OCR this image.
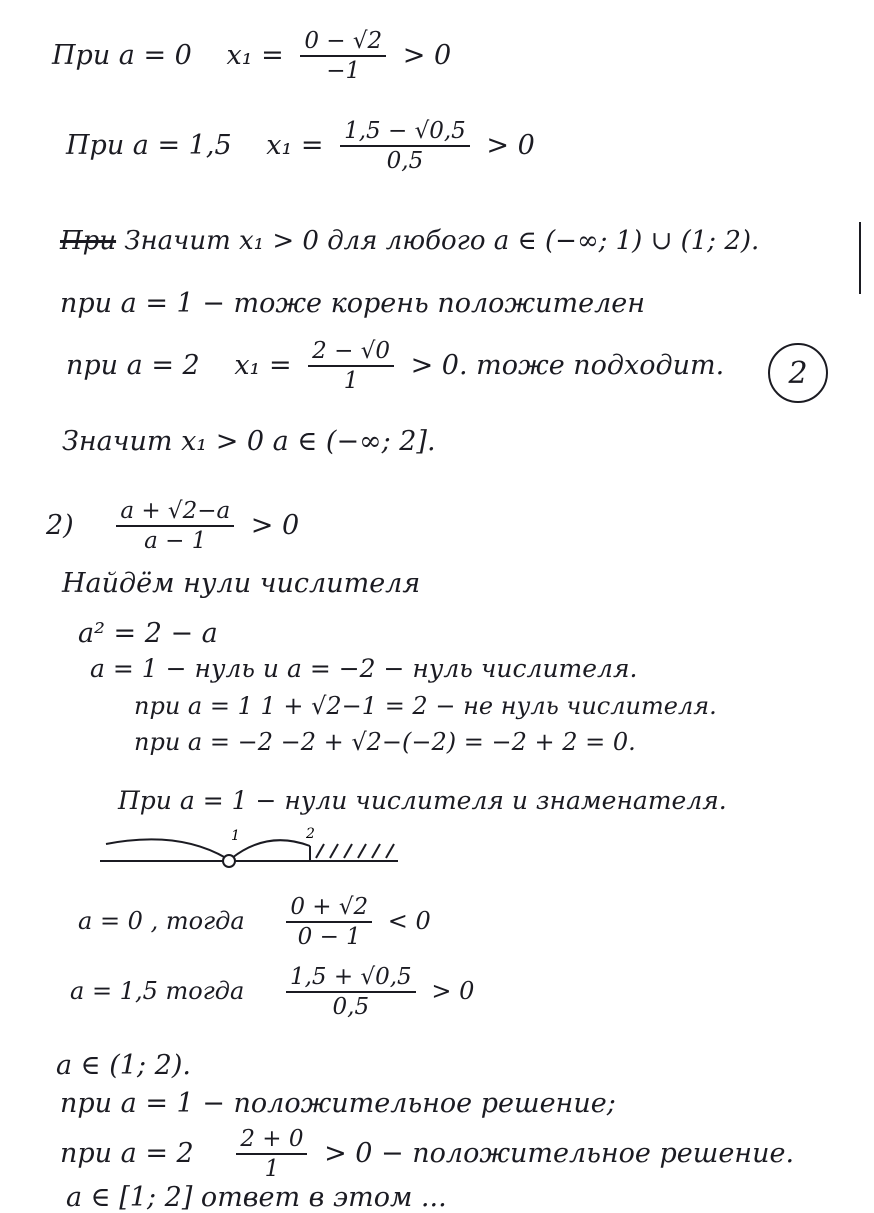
При a = 0 $x_1 = \frac{0 - √2}{-1} > 0$
При a = 1,5 $x_1 = \frac{1,5 - √0,5}{0,5} > 0$
При Значит x₁ > 0 для любого a ∈ (−∞; 1) ∪ (1; 2).
при a = 1 − тоже корень положителен
при a = 2 $x_1 = \frac{2 - √0}{1} > 0$. тоже подходит.	2
Значит x₁ > 0 a ∈ (−∞; 2].
$2) \frac{a + √2-a}{a - 1} > 0$
Найдём нули числителя
a² = 2 − a
a = 1 − нуль и a = −2 − нуль числителя.
при a = 1 1 + √2−1 = 2 − не нуль числителя.
при a = −2 −2 + √2−(−2) = −2 + 2 = 0.
При a = 1 − нули числителя и знаменателя.
1	2
a = 0 , тогда $\frac{0 + √2}{0 - 1} < 0$
a = 1,5 тогда $\frac{1,5 + √0,5}{0,5} > 0$
a ∈ (1; 2).
при a = 1 − положительное решение;
при $a = 2 \frac{2 + 0}{1} > 0$ − положительное решение.
a ∈ [1; 2] ответ в этом ...
